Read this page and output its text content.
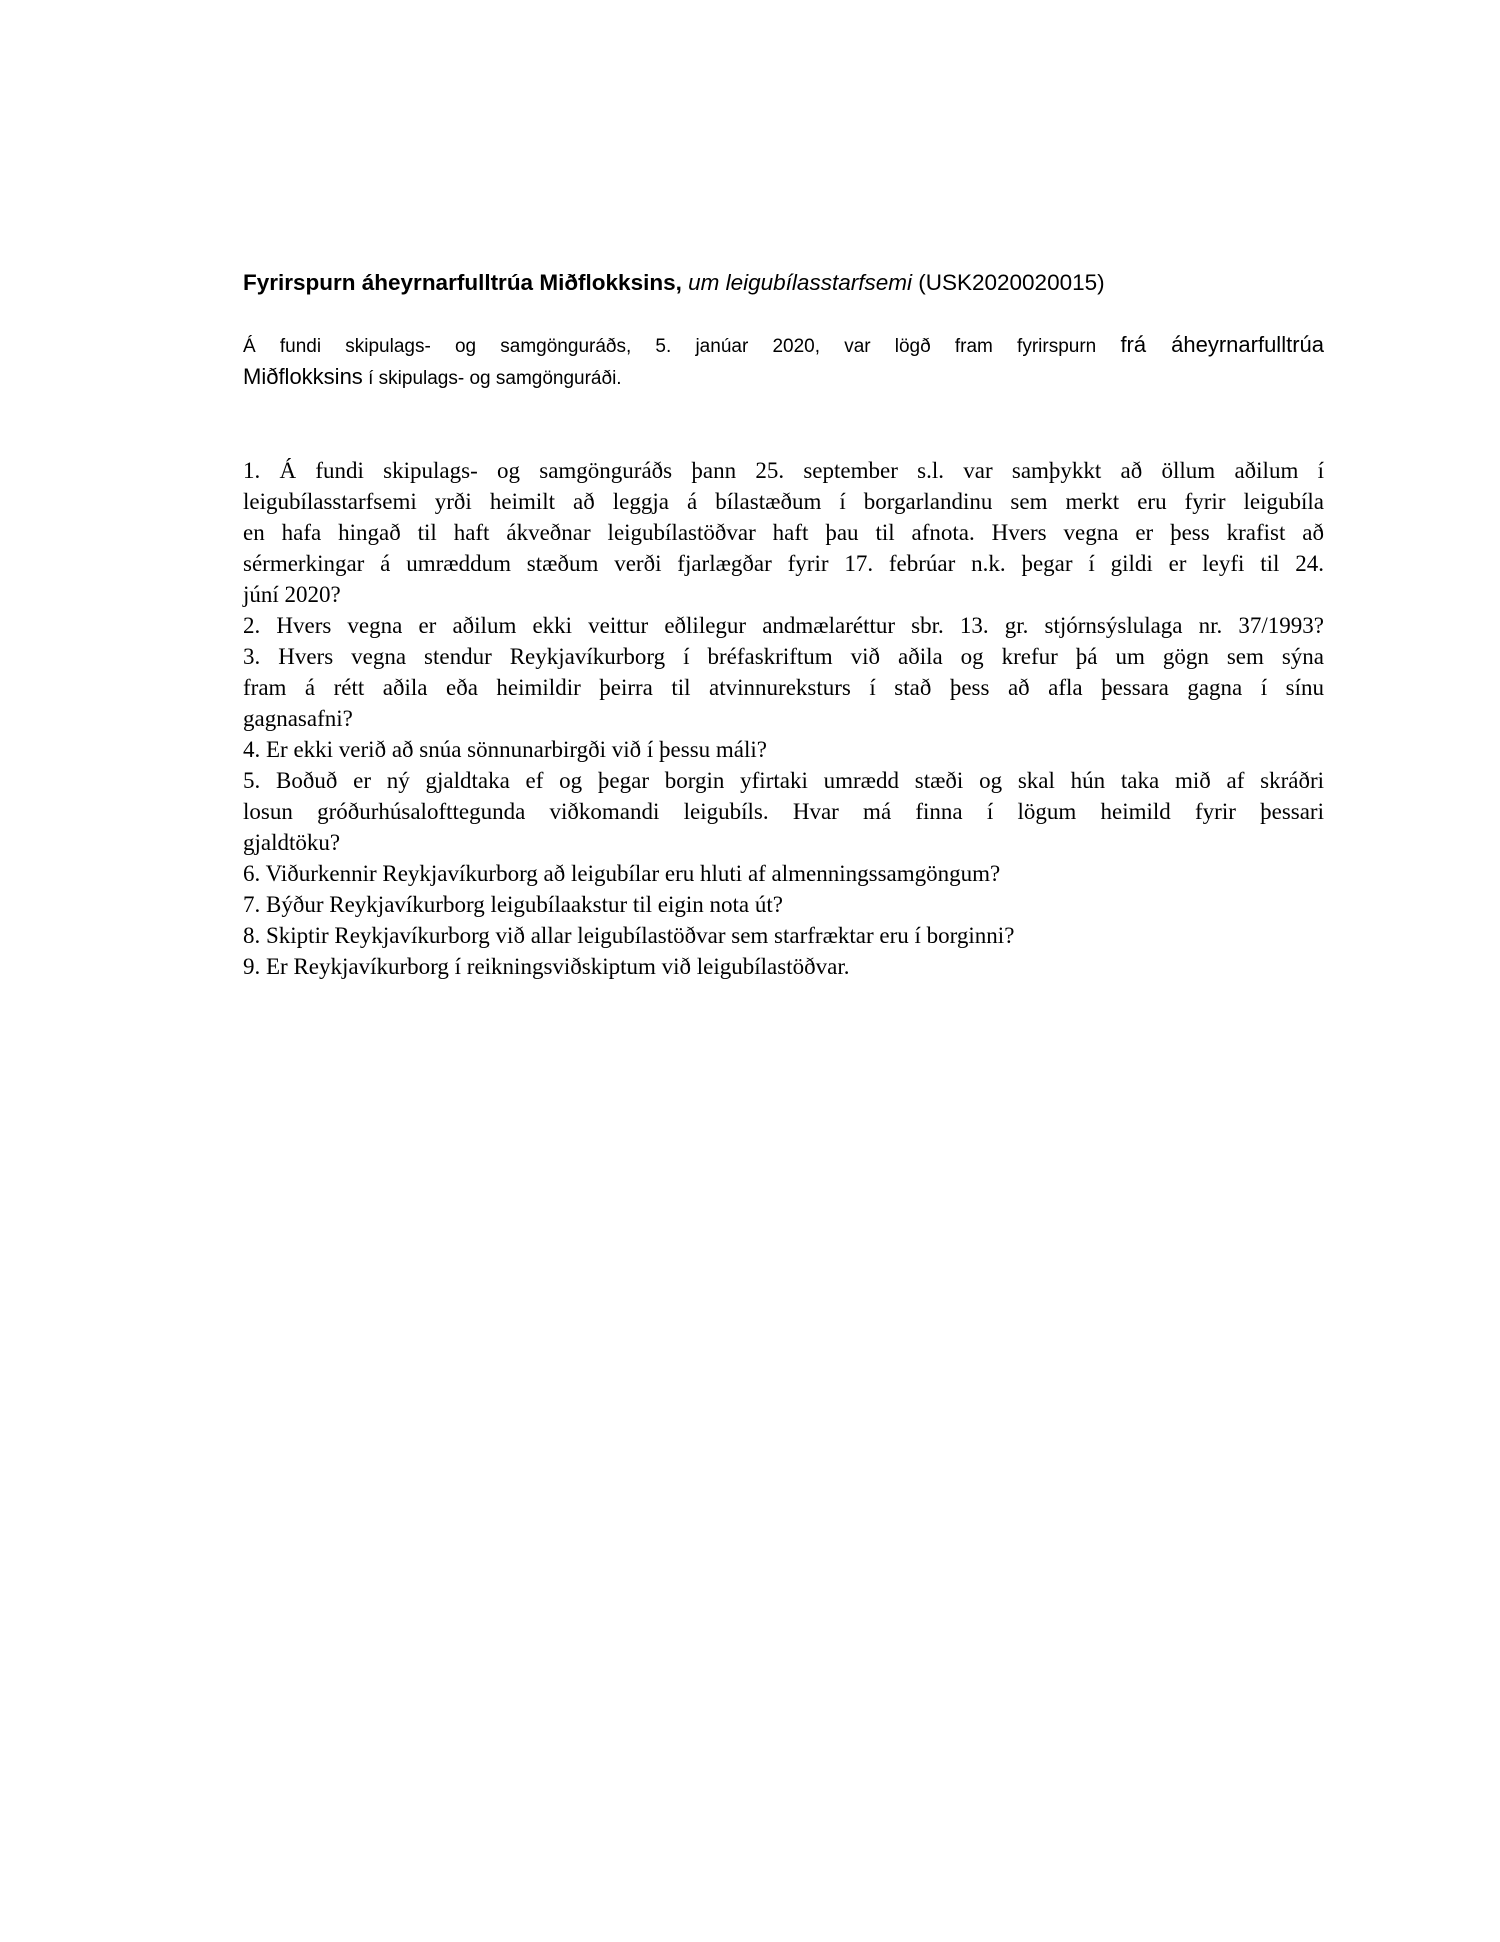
Fyrirspurn áheyrnarfulltrúa Miðflokksins, um leigubílasstarfsemi (USK2020020015)
Á fundi skipulags- og samgönguráðs, 5. janúar 2020, var lögð fram fyrirspurn frá áheyrnarfulltrúa
Miðflokksins í skipulags- og samgönguráði.
1. Á fundi skipulags- og samgönguráðs þann 25. september s.l. var samþykkt að öllum aðilum í
leigubílasstarfsemi yrði heimilt að leggja á bílastæðum í borgarlandinu sem merkt eru fyrir leigubíla
en hafa hingað til haft ákveðnar leigubílastöðvar haft þau til afnota. Hvers vegna er þess krafist að
sérmerkingar á umræddum stæðum verði fjarlægðar fyrir 17. febrúar n.k. þegar í gildi er leyfi til 24.
júní 2020?
2. Hvers vegna er aðilum ekki veittur eðlilegur andmælaréttur sbr. 13. gr. stjórnsýslulaga nr. 37/1993?
3. Hvers vegna stendur Reykjavíkurborg í bréfaskriftum við aðila og krefur þá um gögn sem sýna
fram á rétt aðila eða heimildir þeirra til atvinnureksturs í stað þess að afla þessara gagna í sínu
gagnasafni?
4. Er ekki verið að snúa sönnunarbirgði við í þessu máli?
5. Boðuð er ný gjaldtaka ef og þegar borgin yfirtaki umrædd stæði og skal hún taka mið af skráðri
losun gróðurhúsalofttegunda viðkomandi leigubíls. Hvar má finna í lögum heimild fyrir þessari
gjaldtöku?
6. Viðurkennir Reykjavíkurborg að leigubílar eru hluti af almenningssamgöngum?
7. Býður Reykjavíkurborg leigubílaakstur til eigin nota út?
8. Skiptir Reykjavíkurborg við allar leigubílastöðvar sem starfræktar eru í borginni?
9. Er Reykjavíkurborg í reikningsviðskiptum við leigubílastöðvar.
